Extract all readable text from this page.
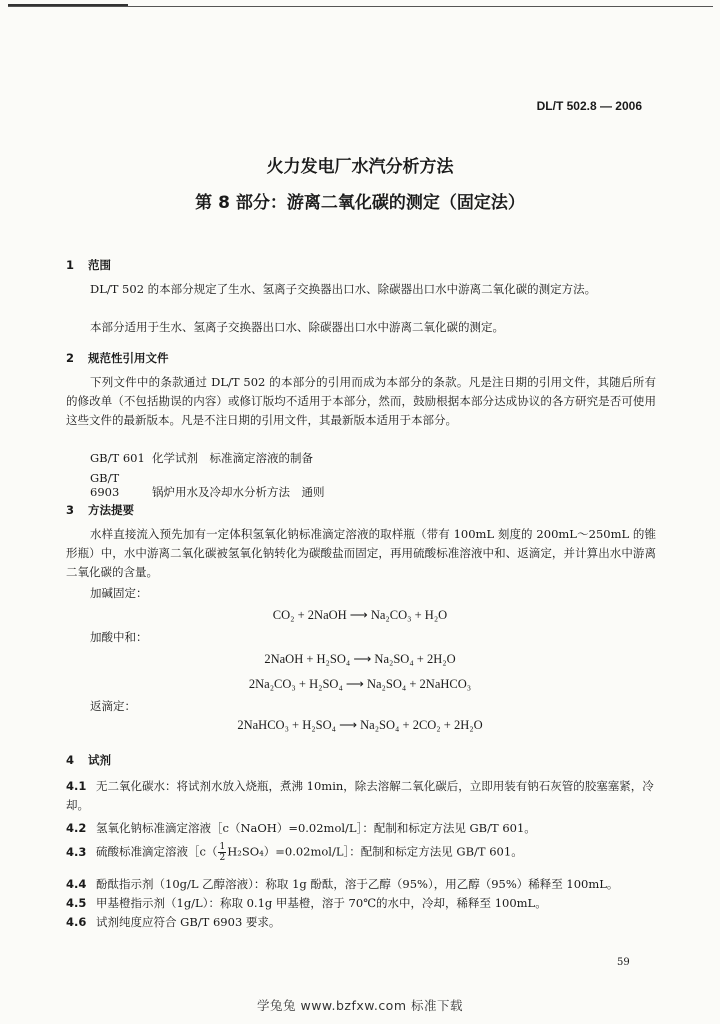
DL/T 502.8 — 2006
火力发电厂水汽分析方法
第 8 部分：游离二氧化碳的测定（固定法）
1 范围
DL/T 502 的本部分规定了生水、氢离子交换器出口水、除碳器出口水中游离二氧化碳的测定方法。
本部分适用于生水、氢离子交换器出口水、除碳器出口水中游离二氧化碳的测定。
2 规范性引用文件
下列文件中的条款通过 DL/T 502 的本部分的引用而成为本部分的条款。凡是注日期的引用文件，其随后所有的修改单（不包括勘误的内容）或修订版均不适用于本部分，然而，鼓励根据本部分达成协议的各方研究是否可使用这些文件的最新版本。凡是不注日期的引用文件，其最新版本适用于本部分。
GB/T 601 化学试剂　标准滴定溶液的制备
GB/T 6903	锅炉用水及冷却水分析方法　通则
3 方法提要
水样直接流入预先加有一定体积氢氧化钠标准滴定溶液的取样瓶（带有 100mL 刻度的 200mL～250mL 的锥形瓶）中，水中游离二氧化碳被氢氧化钠转化为碳酸盐而固定，再用硫酸标准溶液中和、返滴定，并计算出水中游离二氧化碳的含量。
加碱固定：
CO₂ + 2NaOH ⟶ Na₂CO₃ + H₂O
加酸中和：
2NaOH + H₂SO₄ ⟶ Na₂SO₄ + 2H₂O
2Na₂CO₃ + H₂SO₄ ⟶ Na₂SO₄ + 2NaHCO₃
返滴定：
2NaHCO₃ + H₂SO₄ ⟶ Na₂SO₄ + 2CO₂ + 2H₂O
4 试剂
4.1 无二氧化碳水：将试剂水放入烧瓶，煮沸 10min，除去溶解二氧化碳后，立即用装有钠石灰管的胶塞塞紧，冷却。
4.2 氢氧化钠标准滴定溶液［c（NaOH）=0.02mol/L］：配制和标定方法见 GB/T 601。
4.3 硫酸标准滴定溶液［c（ $\frac{1}{2}$ H₂SO₄）=0.02mol/L］：配制和标定方法见 GB/T 601。
4.4 酚酞指示剂（10g/L 乙醇溶液）：称取 1g 酚酞，溶于乙醇（95%），用乙醇（95%）稀释至 100mL。
4.5 甲基橙指示剂（1g/L）：称取 0.1g 甲基橙，溶于 70℃的水中，冷却，稀释至 100mL。
4.6 试剂纯度应符合 GB/T 6903 要求。
59
学兔兔 www.bzfxw.com 标准下载
